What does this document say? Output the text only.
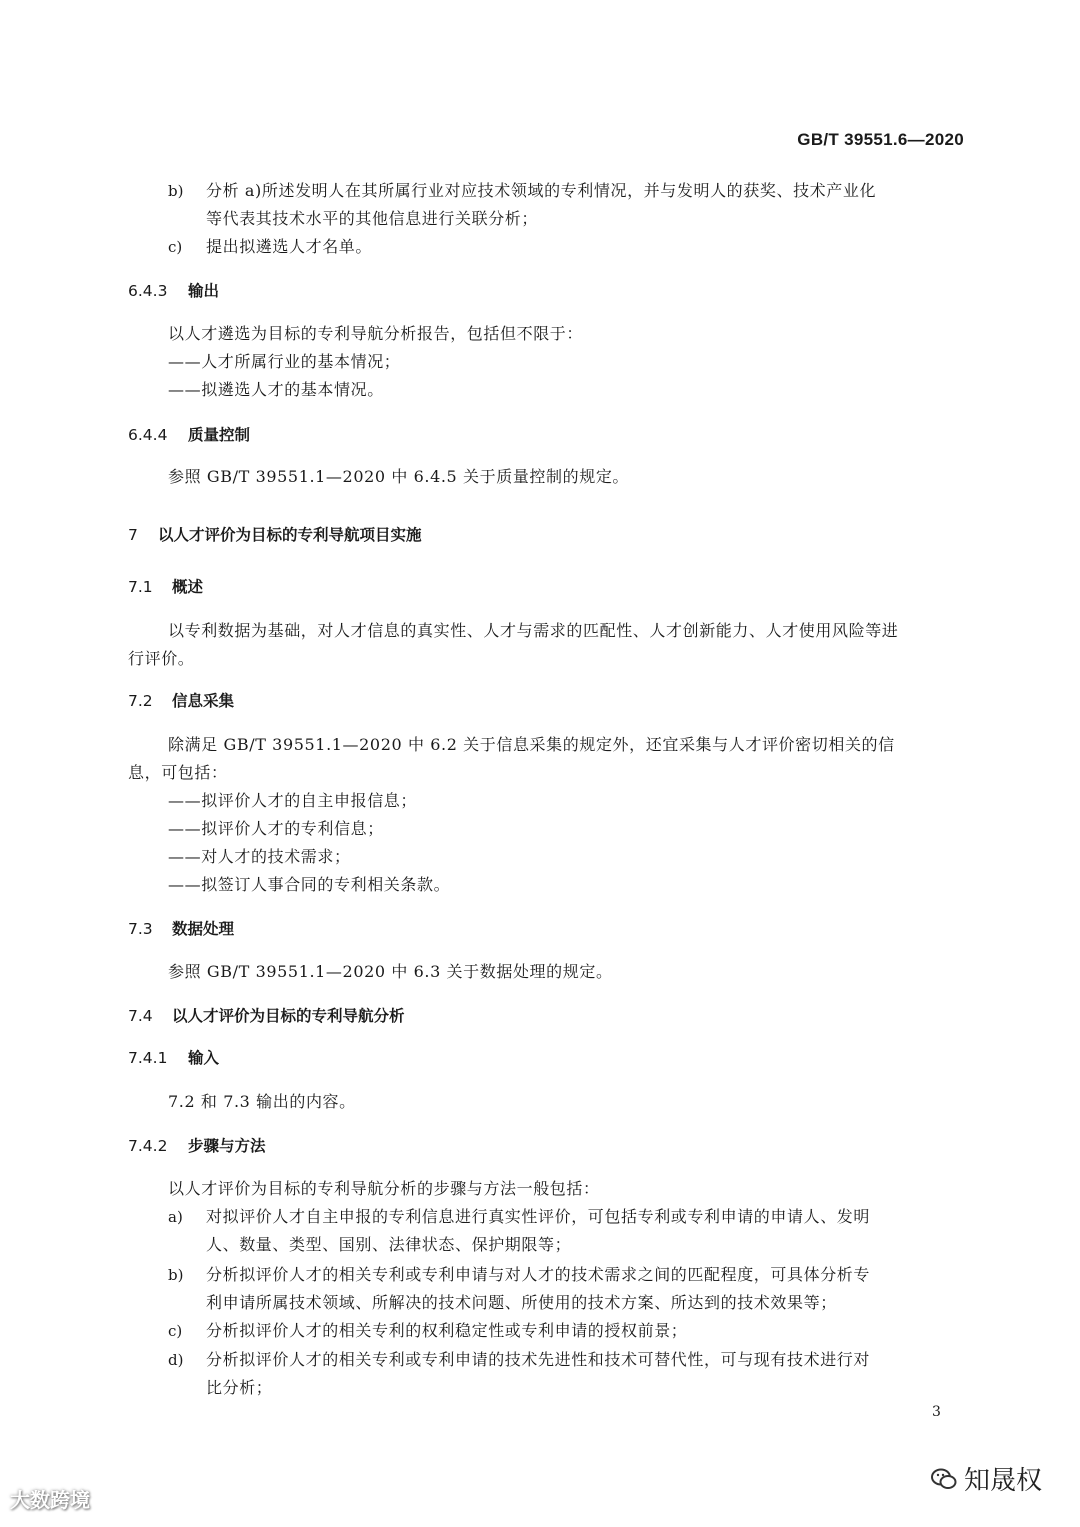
GB/T 39551.6—2020
b) 分析 a)所述发明人在其所属行业对应技术领域的专利情况，并与发明人的获奖、技术产业化
等代表其技术水平的其他信息进行关联分析；
c) 提出拟遴选人才名单。
6.4.3 输出
以人才遴选为目标的专利导航分析报告，包括但不限于：
——人才所属行业的基本情况；
——拟遴选人才的基本情况。
6.4.4 质量控制
参照 GB/T 39551.1—2020 中 6.4.5 关于质量控制的规定。
7 以人才评价为目标的专利导航项目实施
7.1 概述
以专利数据为基础，对人才信息的真实性、人才与需求的匹配性、人才创新能力、人才使用风险等进
行评价。
7.2 信息采集
除满足 GB/T 39551.1—2020 中 6.2 关于信息采集的规定外，还宜采集与人才评价密切相关的信
息，可包括：
——拟评价人才的自主申报信息；
——拟评价人才的专利信息；
——对人才的技术需求；
——拟签订人事合同的专利相关条款。
7.3 数据处理
参照 GB/T 39551.1—2020 中 6.3 关于数据处理的规定。
7.4 以人才评价为目标的专利导航分析
7.4.1 输入
7.2 和 7.3 输出的内容。
7.4.2 步骤与方法
以人才评价为目标的专利导航分析的步骤与方法一般包括：
a) 对拟评价人才自主申报的专利信息进行真实性评价，可包括专利或专利申请的申请人、发明
人、数量、类型、国别、法律状态、保护期限等；
b) 分析拟评价人才的相关专利或专利申请与对人才的技术需求之间的匹配程度，可具体分析专
利申请所属技术领域、所解决的技术问题、所使用的技术方案、所达到的技术效果等；
c) 分析拟评价人才的相关专利的权利稳定性或专利申请的授权前景；
d) 分析拟评价人才的相关专利或专利申请的技术先进性和技术可替代性，可与现有技术进行对
比分析；
3
大数跨境
知晟权
